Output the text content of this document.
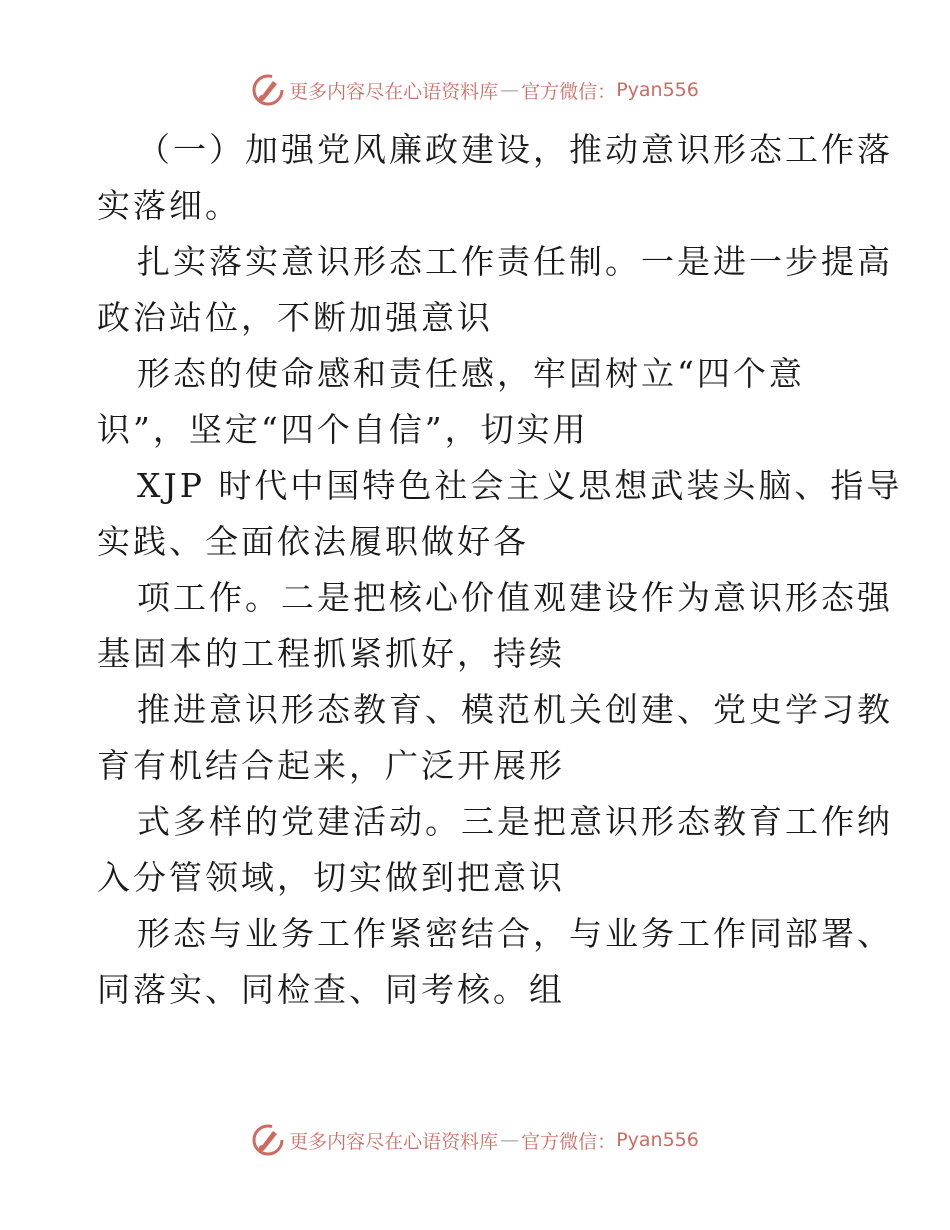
更多内容尽在心语资料库 — 官方微信： Pyan556
（一）加强党风廉政建设，推动意识形态工作落
实落细。
扎实落实意识形态工作责任制。一是进一步提高
政治站位，不断加强意识
形态的使命感和责任感，牢固树立“四个意
识”，坚定“四个自信”，切实用
XJP 时代中国特色社会主义思想武装头脑、指导
实践、全面依法履职做好各
项工作。二是把核心价值观建设作为意识形态强
基固本的工程抓紧抓好，持续
推进意识形态教育、模范机关创建、党史学习教
育有机结合起来，广泛开展形
式多样的党建活动。三是把意识形态教育工作纳
入分管领域，切实做到把意识
形态与业务工作紧密结合，与业务工作同部署、
同落实、同检查、同考核。组
更多内容尽在心语资料库 — 官方微信： Pyan556
